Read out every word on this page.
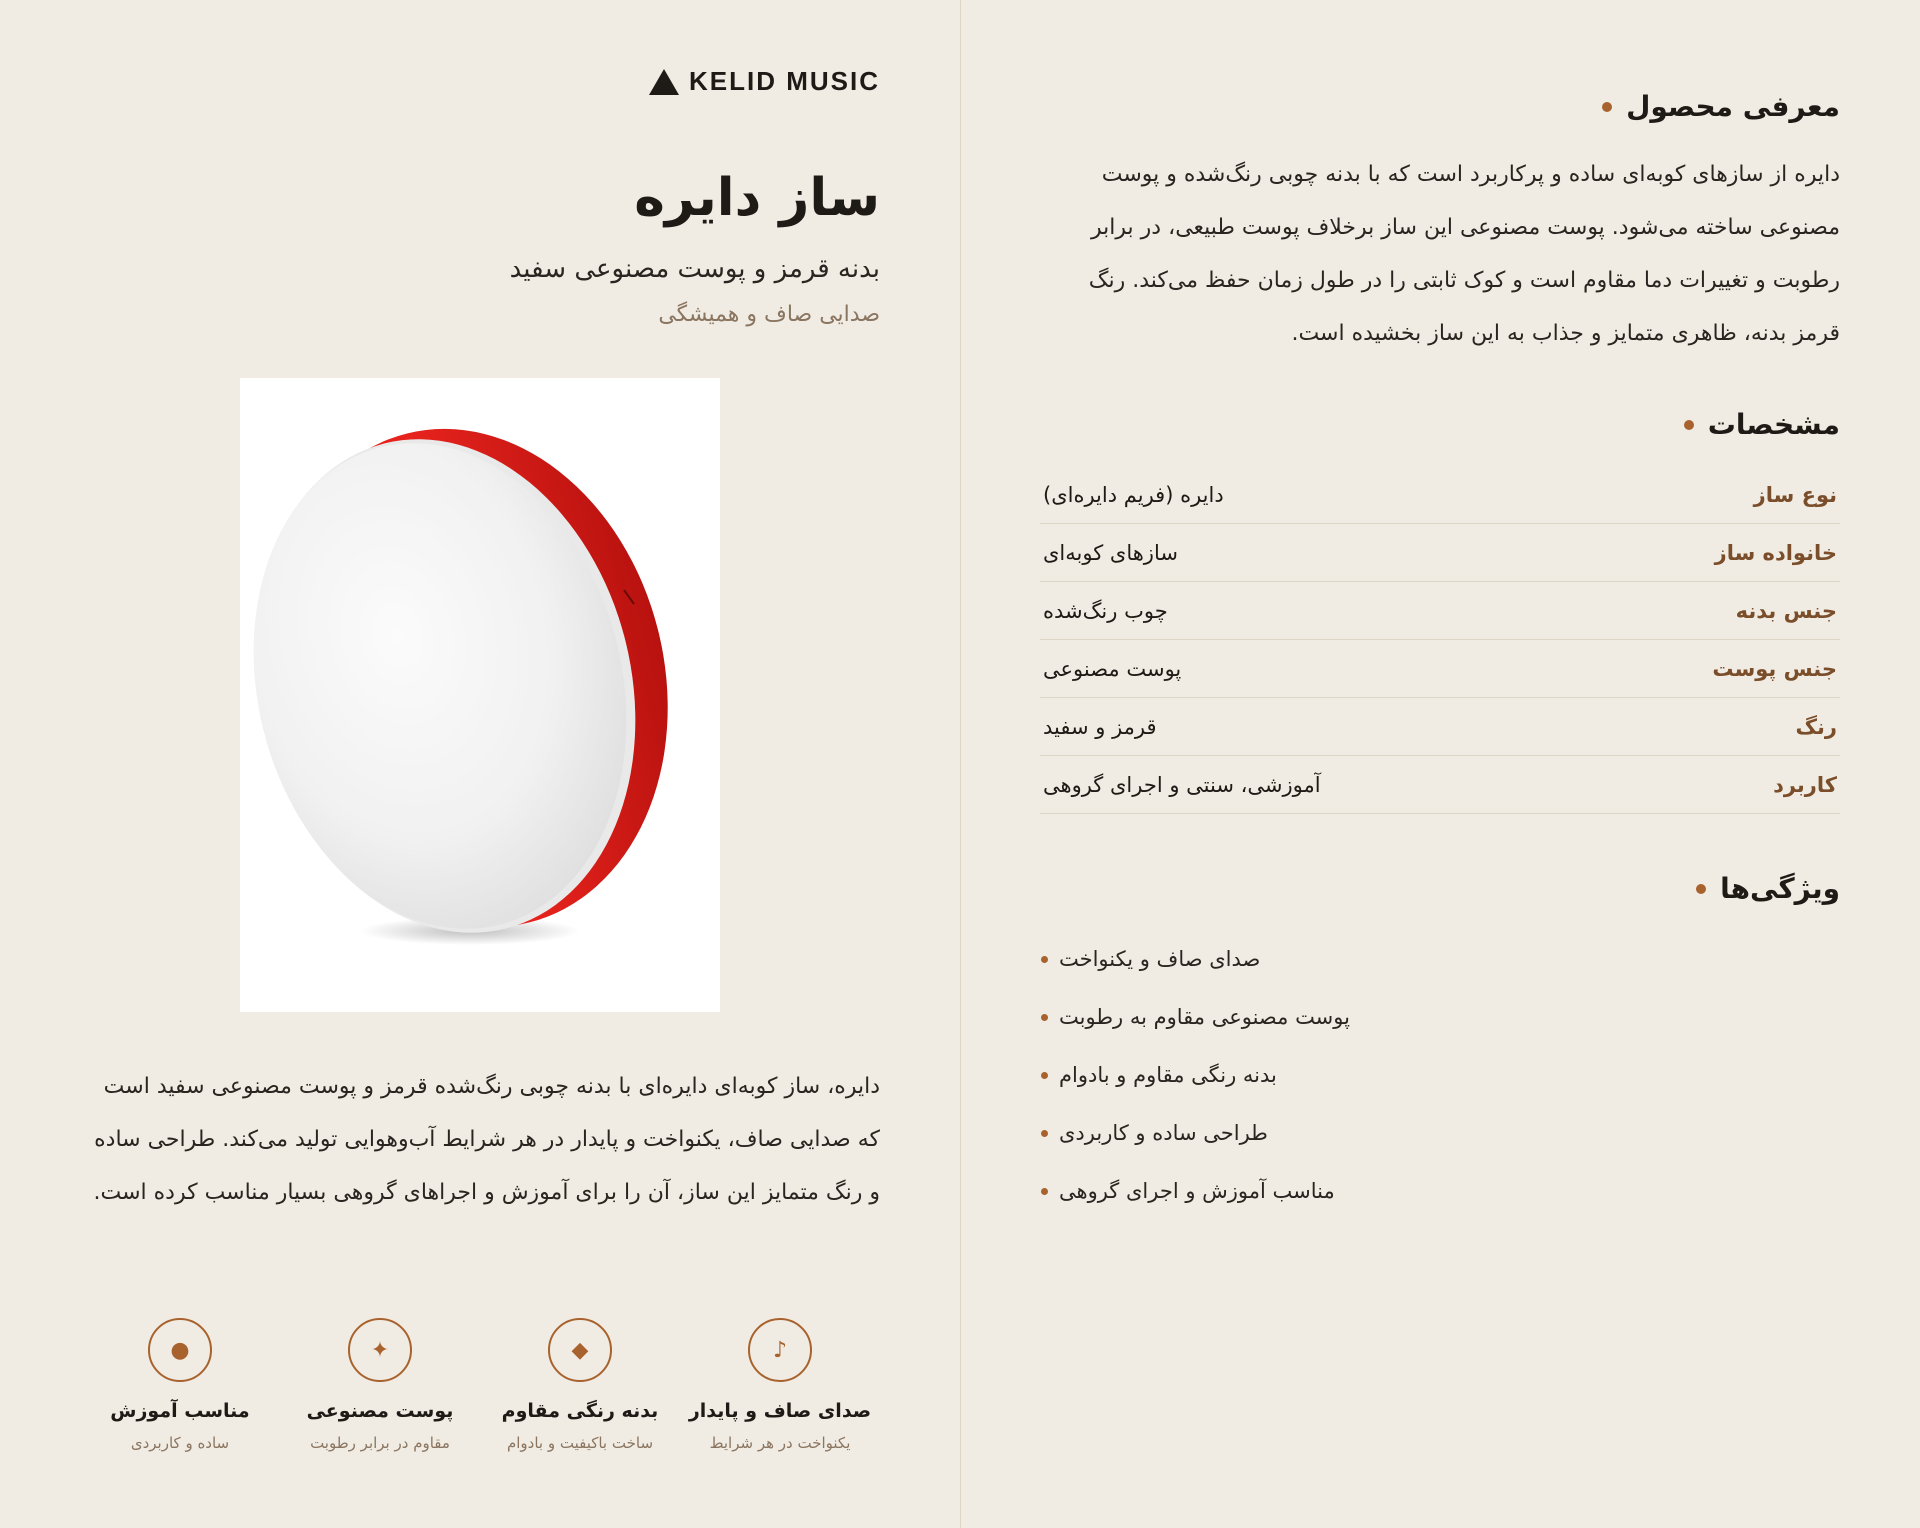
KELID MUSIC
ساز دایره
بدنه قرمز و پوست مصنوعی سفید
صدایی صاف و همیشگی

دایره، ساز کوبه‌ای دایره‌ای با بدنه چوبی رنگ‌شده قرمز و پوست مصنوعی سفید است که صدایی صاف، یکنواخت و پایدار در هر شرایط آب‌وهوایی تولید می‌کند. طراحی ساده و رنگ متمایز این ساز، آن را برای آموزش و اجراهای گروهی بسیار مناسب کرده است.

♪
صدای صاف و پایدار
یکنواخت در هر شرایط
◆
بدنه رنگی مقاوم
ساخت باکیفیت و بادوام
✦
پوست مصنوعی
مقاوم در برابر رطوبت
●
مناسب آموزش
ساده و کاربردی
معرفی محصول

دایره از سازهای کوبه‌ای ساده و پرکاربرد است که با بدنه چوبی رنگ‌شده و پوست مصنوعی ساخته می‌شود. پوست مصنوعی این ساز برخلاف پوست طبیعی، در برابر رطوبت و تغییرات دما مقاوم است و کوک ثابتی را در طول زمان حفظ می‌کند. رنگ قرمز بدنه، ظاهری متمایز و جذاب به این ساز بخشیده است.

مشخصات
نوع ساز
دایره (فریم دایره‌ای)
خانواده ساز
سازهای کوبه‌ای
جنس بدنه
چوب رنگ‌شده
جنس پوست
پوست مصنوعی
رنگ
قرمز و سفید
کاربرد
آموزشی، سنتی و اجرای گروهی
ویژگی‌ها
صدای صاف و یکنواخت
پوست مصنوعی مقاوم به رطوبت
بدنه رنگی مقاوم و بادوام
طراحی ساده و کاربردی
مناسب آموزش و اجرای گروهی
